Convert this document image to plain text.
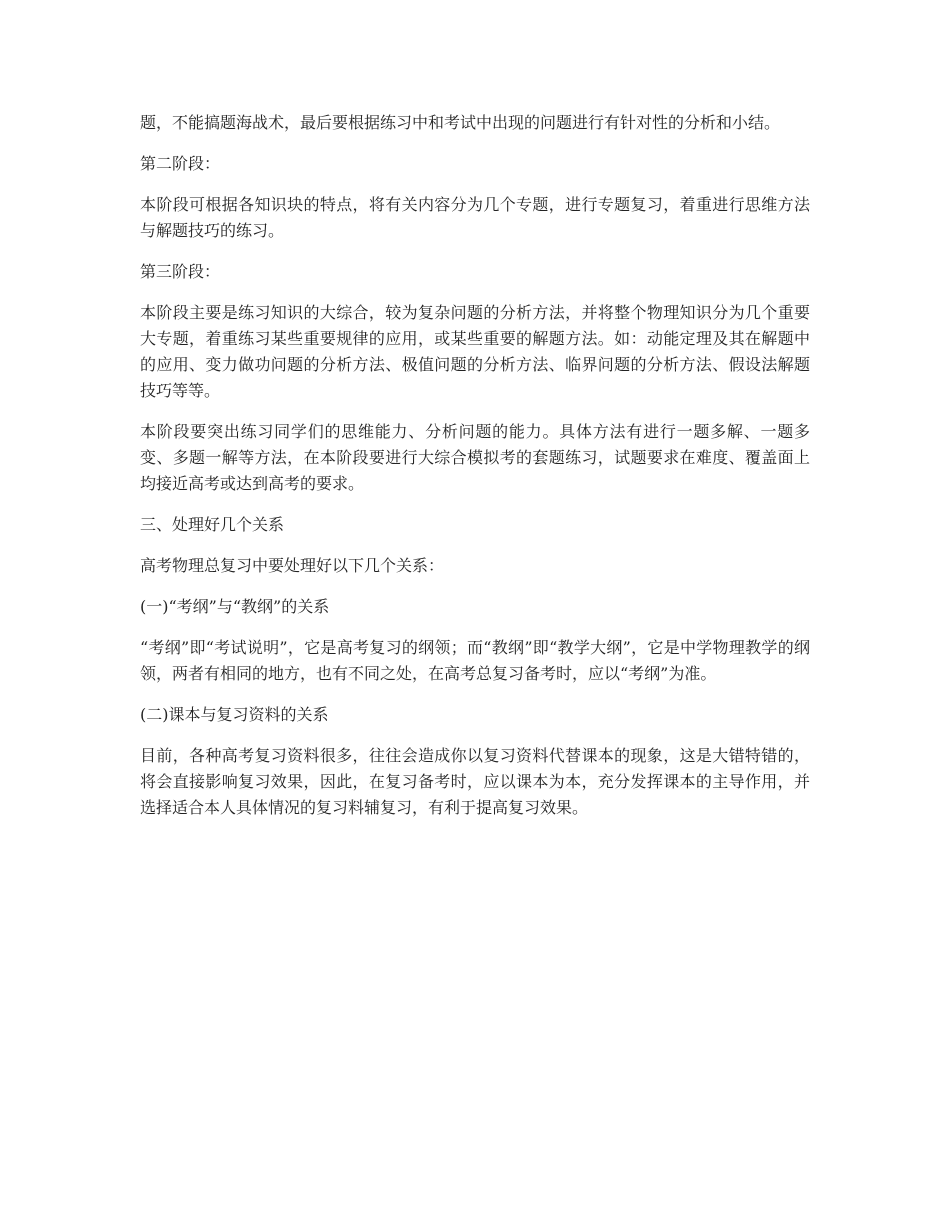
题，不能搞题海战术，最后要根据练习中和考试中出现的问题进行有针对性的分析和小结。

第二阶段：

本阶段可根据各知识块的特点，将有关内容分为几个专题，进行专题复习，着重进行思维方法与解题技巧的练习。

第三阶段：

本阶段主要是练习知识的大综合，较为复杂问题的分析方法，并将整个物理知识分为几个重要大专题，着重练习某些重要规律的应用，或某些重要的解题方法。如：动能定理及其在解题中的应用、变力做功问题的分析方法、极值问题的分析方法、临界问题的分析方法、假设法解题技巧等等。

本阶段要突出练习同学们的思维能力、分析问题的能力。具体方法有进行一题多解、一题多变、多题一解等方法，在本阶段要进行大综合模拟考的套题练习，试题要求在难度、覆盖面上均接近高考或达到高考的要求。

三、处理好几个关系

高考物理总复习中要处理好以下几个关系：

(一)“考纲”与“教纲”的关系

“考纲”即“考试说明”，它是高考复习的纲领；而“教纲”即“教学大纲”，它是中学物理教学的纲领，两者有相同的地方，也有不同之处，在高考总复习备考时，应以“考纲”为准。

(二)课本与复习资料的关系

目前，各种高考复习资料很多，往往会造成你以复习资料代替课本的现象，这是大错特错的，将会直接影响复习效果，因此，在复习备考时，应以课本为本，充分发挥课本的主导作用，并选择适合本人具体情况的复习料辅复习，有利于提高复习效果。
